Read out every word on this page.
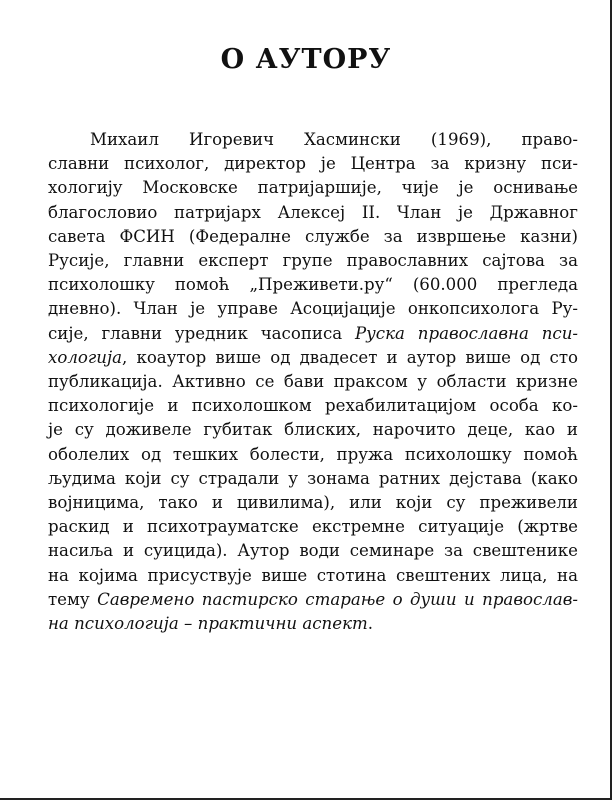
О АУТОРУ
Михаил Игоревич Хасмински (1969), право-
славни психолог, директор је Центра за кризну пси-
хологију Московске патријаршије, чије је оснивање
благословио патријарх Алексеј II. Члан је Државног
савета ФСИН (Федералне службе за извршење казни)
Русије, главни експерт групе православних сајтова за
психолошку помоћ „Преживети.ру“ (60.000 прегледа
дневно). Члан је управе Асоцијације онкопсихолога Ру-
сије, главни уредник часописа Руска православна пси-
хологија, коаутор више од двадесет и аутор више од сто
публикација. Активно се бави праксом у области кризне
психологије и психолошком рехабилитацијом особа ко-
је су доживеле губитак блиских, нарочито деце, као и
оболелих од тешких болести, пружа психолошку помоћ
људима који су страдали у зонама ратних дејстава (како
војницима, тако и цивилима), или који су преживели
раскид и психотрауматске екстремне ситуације (жртве
насиља и суицида). Аутор води семинаре за свештенике
на којима присуствује више стотина свештених лица, на
тему Савремено пастирско старање о души и православ-
на психологија – практични аспект.
